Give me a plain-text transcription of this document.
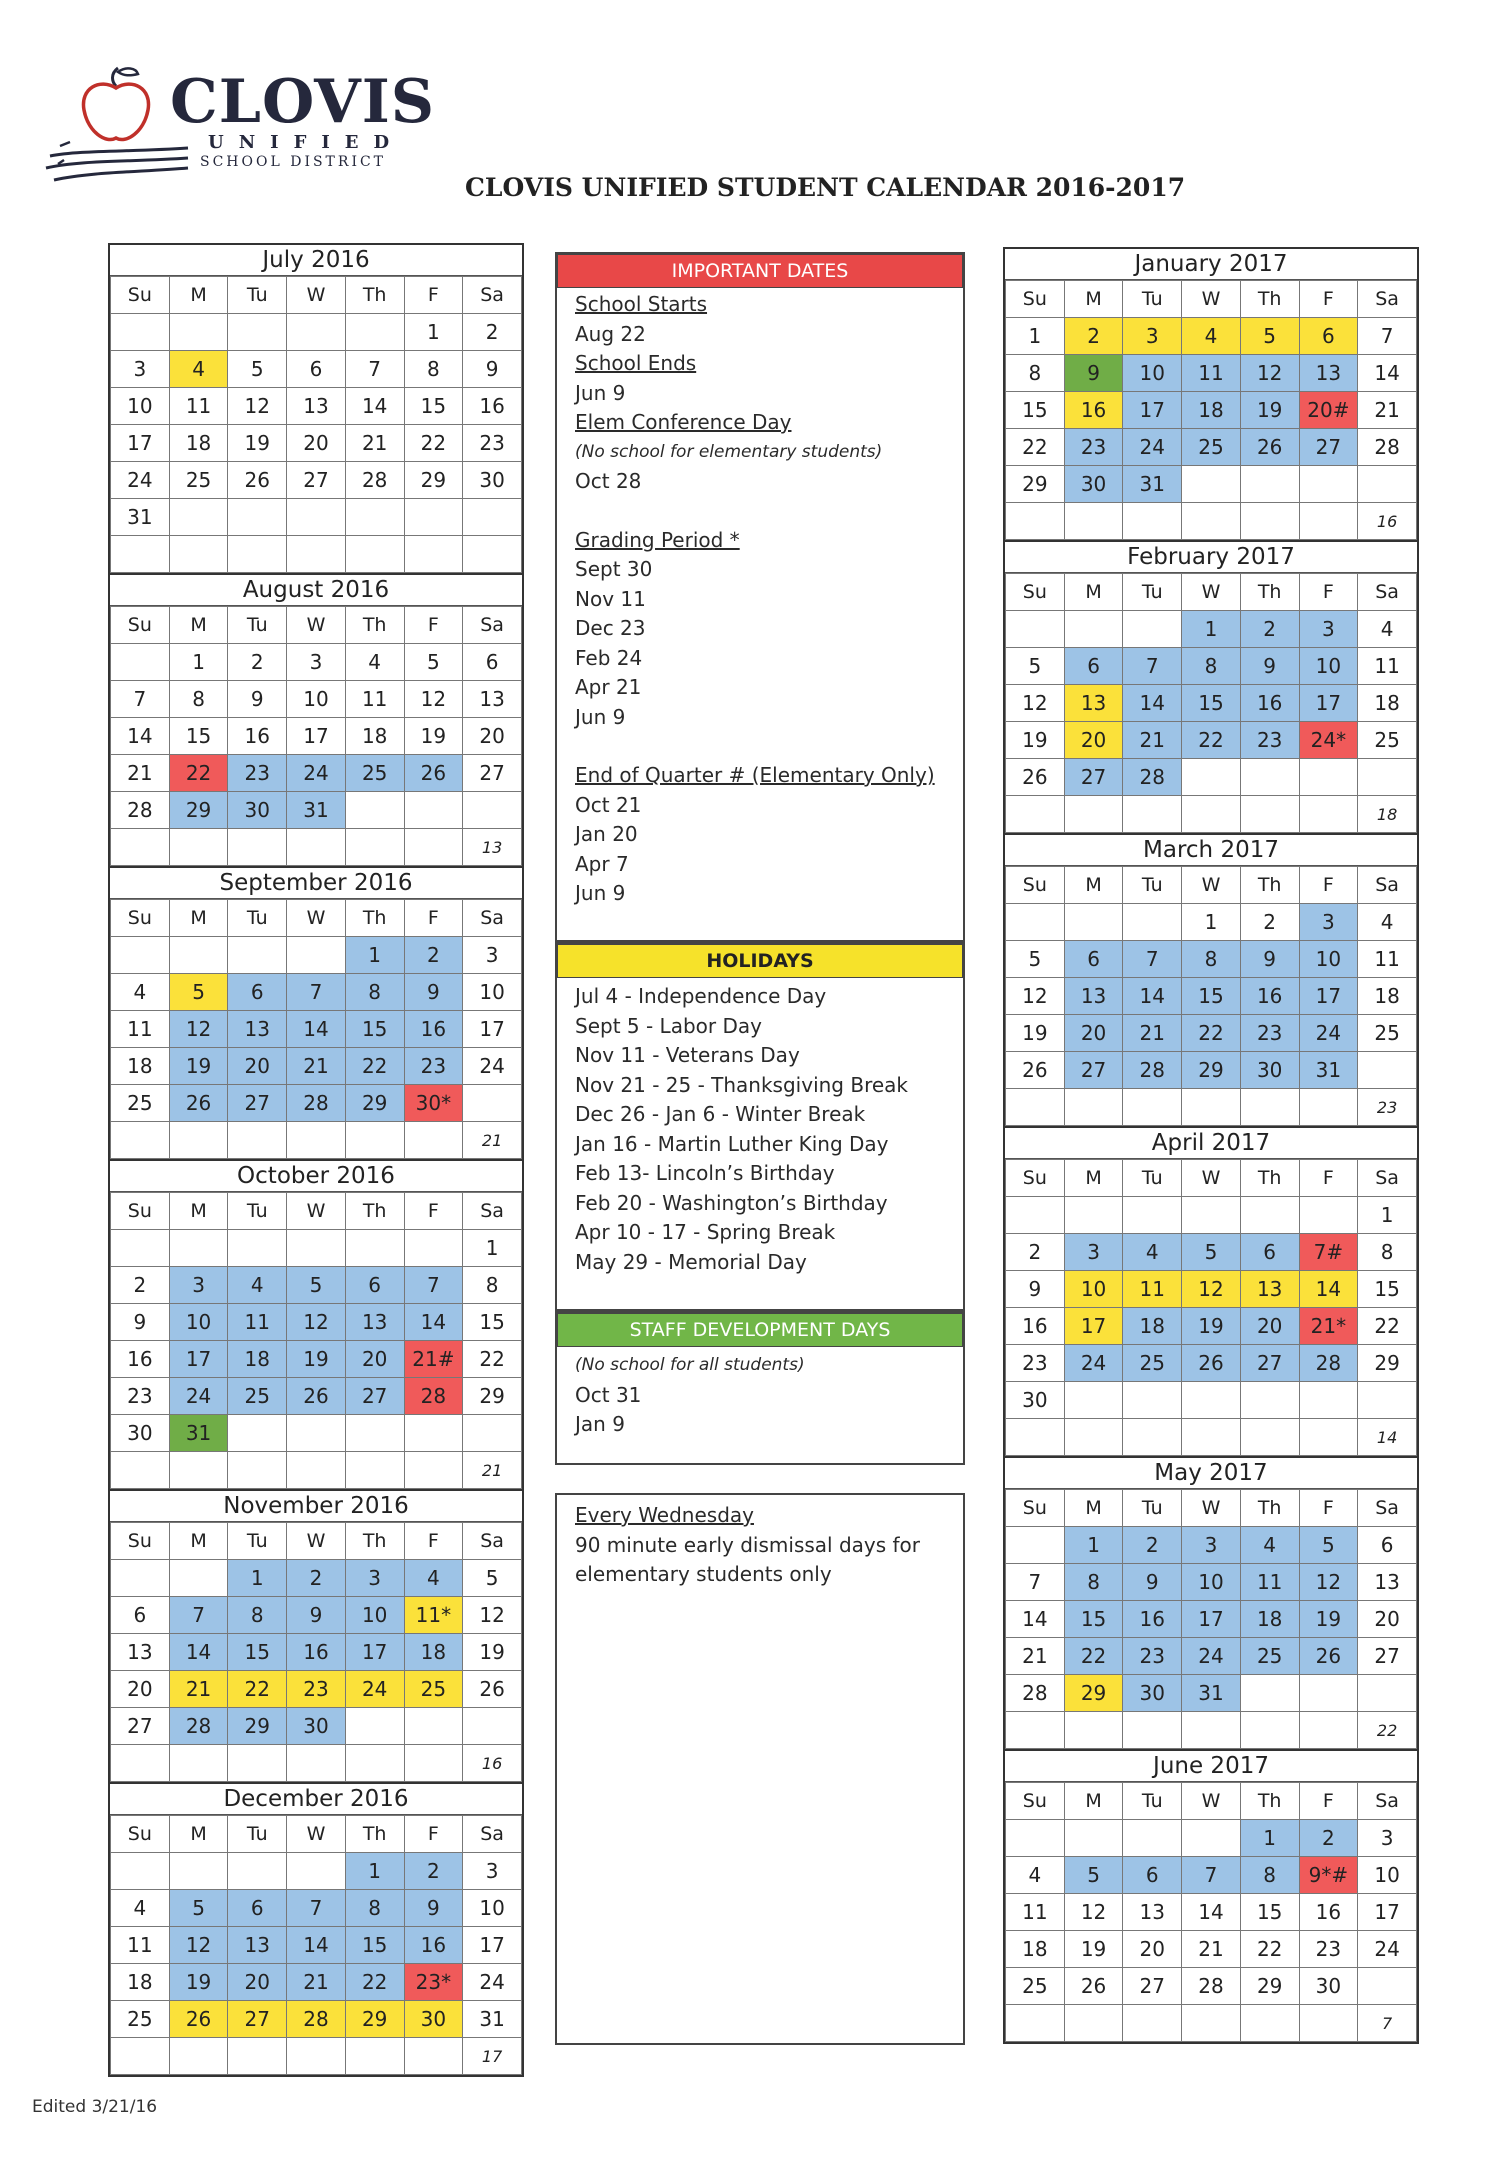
CLOVIS
UNIFIED
SCHOOL DISTRICT
CLOVIS UNIFIED STUDENT CALENDAR 2016-2017
July 2016
Su	M	Tu	W	Th	F	Sa
					1	2
3	4	5	6	7	8	9
10	11	12	13	14	15	16
17	18	19	20	21	22	23
24	25	26	27	28	29	30
31						

August 2016
Su	M	Tu	W	Th	F	Sa
	1	2	3	4	5	6
7	8	9	10	11	12	13
14	15	16	17	18	19	20
21	22	23	24	25	26	27
28	29	30	31			
						13
September 2016
Su	M	Tu	W	Th	F	Sa
				1	2	3
4	5	6	7	8	9	10
11	12	13	14	15	16	17
18	19	20	21	22	23	24
25	26	27	28	29	30*	
						21
October 2016
Su	M	Tu	W	Th	F	Sa
						1
2	3	4	5	6	7	8
9	10	11	12	13	14	15
16	17	18	19	20	21#	22
23	24	25	26	27	28	29
30	31					
						21
November 2016
Su	M	Tu	W	Th	F	Sa
		1	2	3	4	5
6	7	8	9	10	11*	12
13	14	15	16	17	18	19
20	21	22	23	24	25	26
27	28	29	30			
						16
December 2016
Su	M	Tu	W	Th	F	Sa
				1	2	3
4	5	6	7	8	9	10
11	12	13	14	15	16	17
18	19	20	21	22	23*	24
25	26	27	28	29	30	31
						17
January 2017
Su	M	Tu	W	Th	F	Sa
1	2	3	4	5	6	7
8	9	10	11	12	13	14
15	16	17	18	19	20#	21
22	23	24	25	26	27	28
29	30	31				
						16
February 2017
Su	M	Tu	W	Th	F	Sa
			1	2	3	4
5	6	7	8	9	10	11
12	13	14	15	16	17	18
19	20	21	22	23	24*	25
26	27	28				
						18
March 2017
Su	M	Tu	W	Th	F	Sa
			1	2	3	4
5	6	7	8	9	10	11
12	13	14	15	16	17	18
19	20	21	22	23	24	25
26	27	28	29	30	31	
						23
April 2017
Su	M	Tu	W	Th	F	Sa
						1
2	3	4	5	6	7#	8
9	10	11	12	13	14	15
16	17	18	19	20	21*	22
23	24	25	26	27	28	29
30						
						14
May 2017
Su	M	Tu	W	Th	F	Sa
	1	2	3	4	5	6
7	8	9	10	11	12	13
14	15	16	17	18	19	20
21	22	23	24	25	26	27
28	29	30	31			
						22
June 2017
Su	M	Tu	W	Th	F	Sa
				1	2	3
4	5	6	7	8	9*#	10
11	12	13	14	15	16	17
18	19	20	21	22	23	24
25	26	27	28	29	30	
						7
IMPORTANT DATES
School Starts
Aug 22
School Ends
Jun 9
Elem Conference Day
(No school for elementary students)
Oct 28
Grading Period *
Sept 30
Nov 11
Dec 23
Feb 24
Apr 21
Jun 9
End of Quarter # (Elementary Only)
Oct 21
Jan 20
Apr 7
Jun 9
HOLIDAYS
Jul 4 - Independence Day
Sept 5 - Labor Day
Nov 11 - Veterans Day
Nov 21 - 25 - Thanksgiving Break
Dec 26 - Jan 6 - Winter Break
Jan 16 - Martin Luther King Day
Feb 13- Lincoln’s Birthday
Feb 20 - Washington’s Birthday
Apr 10 - 17 - Spring Break
May 29 - Memorial Day
STAFF DEVELOPMENT DAYS
(No school for all students)
Oct 31
Jan 9
Every Wednesday
90 minute early dismissal days for
elementary students only
Edited 3/21/16
